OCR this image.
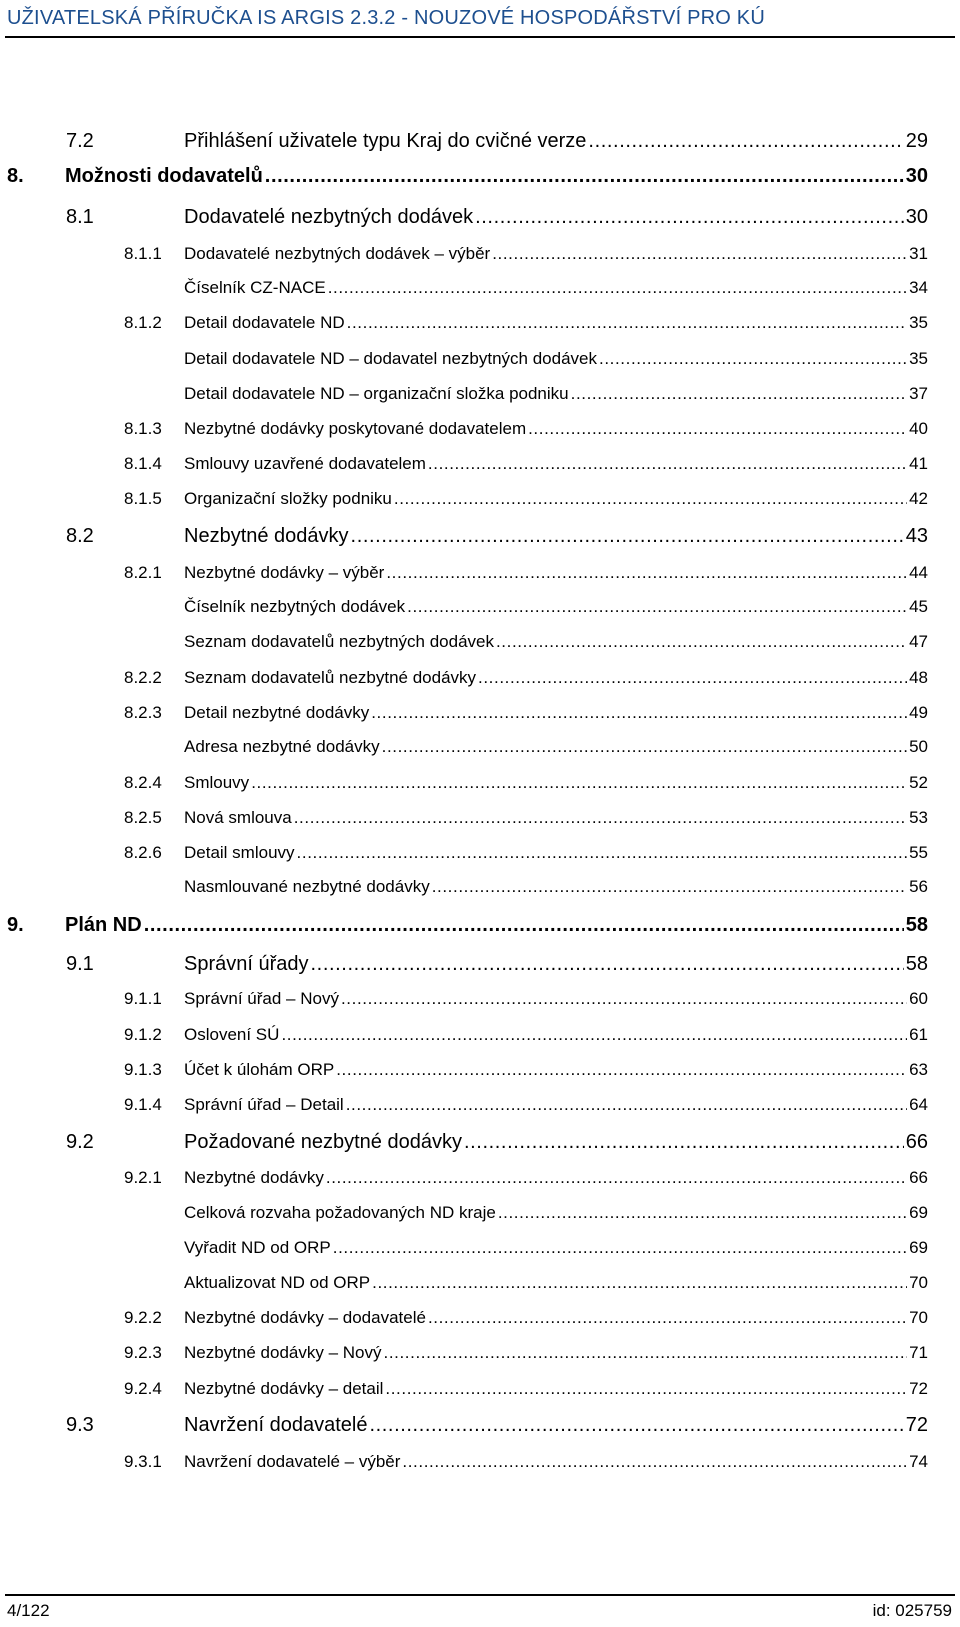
UŽIVATELSKÁ PŘÍRUČKA IS ARGIS 2.3.2 - NOUZOVÉ HOSPODÁŘSTVÍ PRO KÚ
7.2	Přihlášení uživatele typu Kraj do cvičné verze .....	29
8.	Možnosti dodavatelů .....	30
8.1	Dodavatelé nezbytných dodávek .....	30
8.1.1	Dodavatelé nezbytných dodávek – výběr .....	31
Číselník CZ-NACE .....	34
8.1.2	Detail dodavatele ND .....	35
Detail dodavatele ND – dodavatel nezbytných dodávek .....	35
Detail dodavatele ND – organizační složka podniku .....	37
8.1.3	Nezbytné dodávky poskytované dodavatelem .....	40
8.1.4	Smlouvy uzavřené dodavatelem .....	41
8.1.5	Organizační složky podniku .....	42
8.2	Nezbytné dodávky .....	43
8.2.1	Nezbytné dodávky – výběr .....	44
Číselník nezbytných dodávek .....	45
Seznam dodavatelů nezbytných dodávek .....	47
8.2.2	Seznam dodavatelů nezbytné dodávky .....	48
8.2.3	Detail nezbytné dodávky .....	49
Adresa nezbytné dodávky .....	50
8.2.4	Smlouvy .....	52
8.2.5	Nová smlouva .....	53
8.2.6	Detail smlouvy .....	55
Nasmlouvané nezbytné dodávky .....	56
9.	Plán ND .....	58
9.1	Správní úřady .....	58
9.1.1	Správní úřad – Nový .....	60
9.1.2	Oslovení SÚ .....	61
9.1.3	Účet k úlohám ORP .....	63
9.1.4	Správní úřad – Detail .....	64
9.2	Požadované nezbytné dodávky .....	66
9.2.1	Nezbytné dodávky .....	66
Celková rozvaha požadovaných ND kraje .....	69
Vyřadit ND od ORP .....	69
Aktualizovat ND od ORP .....	70
9.2.2	Nezbytné dodávky – dodavatelé .....	70
9.2.3	Nezbytné dodávky – Nový .....	71
9.2.4	Nezbytné dodávky – detail .....	72
9.3	Navržení dodavatelé .....	72
9.3.1	Navržení dodavatelé – výběr .....	74
4/122	id: 025759
